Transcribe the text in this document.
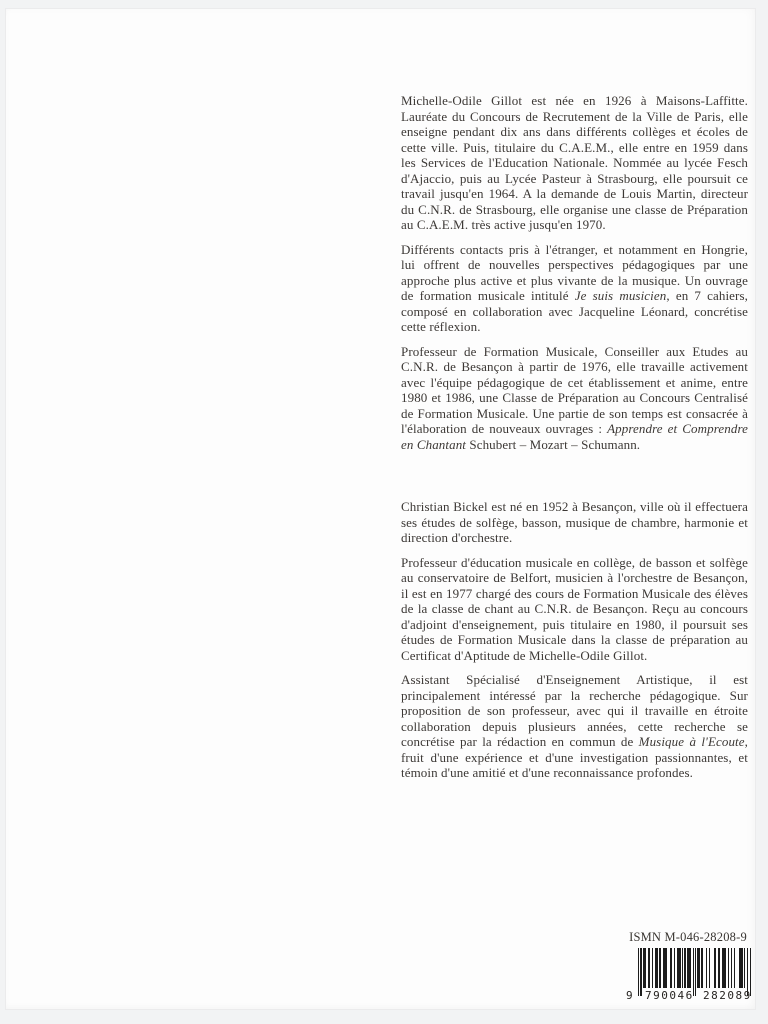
Michelle-Odile Gillot est née en 1926 à Maisons-Laffitte. Lauréate du Concours de Recrutement de la Ville de Paris, elle enseigne pendant dix ans dans différents collèges et écoles de cette ville. Puis, titulaire du C.A.E.M., elle entre en 1959 dans les Services de l'Education Nationale. Nommée au lycée Fesch d'Ajaccio, puis au Lycée Pasteur à Strasbourg, elle poursuit ce travail jusqu'en 1964. A la demande de Louis Martin, directeur du C.N.R. de Strasbourg, elle organise une classe de Préparation au C.A.E.M. très active jusqu'en 1970.

Différents contacts pris à l'étranger, et notamment en Hongrie, lui offrent de nouvelles perspectives pédagogiques par une approche plus active et plus vivante de la musique. Un ouvrage de formation musicale intitulé Je suis musicien, en 7 cahiers, composé en collaboration avec Jacqueline Léonard, concrétise cette réflexion.

Professeur de Formation Musicale, Conseiller aux Etudes au C.N.R. de Besançon à partir de 1976, elle travaille activement avec l'équipe pédagogique de cet établissement et anime, entre 1980 et 1986, une Classe de Préparation au Concours Centralisé de Formation Musicale. Une partie de son temps est consacrée à l'élaboration de nouveaux ouvrages : Apprendre et Comprendre en Chantant Schubert – Mozart – Schumann.

Christian Bickel est né en 1952 à Besançon, ville où il effectuera ses études de solfège, basson, musique de chambre, harmonie et direction d'orchestre.

Professeur d'éducation musicale en collège, de basson et solfège au conservatoire de Belfort, musicien à l'orchestre de Besançon, il est en 1977 chargé des cours de Formation Musicale des élèves de la classe de chant au C.N.R. de Besançon. Reçu au concours d'adjoint d'enseignement, puis titulaire en 1980, il poursuit ses études de Formation Musicale dans la classe de préparation au Certificat d'Aptitude de Michelle-Odile Gillot.

Assistant Spécialisé d'Enseignement Artistique, il est principalement intéressé par la recherche pédagogique. Sur proposition de son professeur, avec qui il travaille en étroite collaboration depuis plusieurs années, cette recherche se concrétise par la rédaction en commun de Musique à l'Ecoute, fruit d'une expérience et d'une investigation passionnantes, et témoin d'une amitié et d'une reconnaissance profondes.

ISMN M-046-28208-9
9 790046 282089
